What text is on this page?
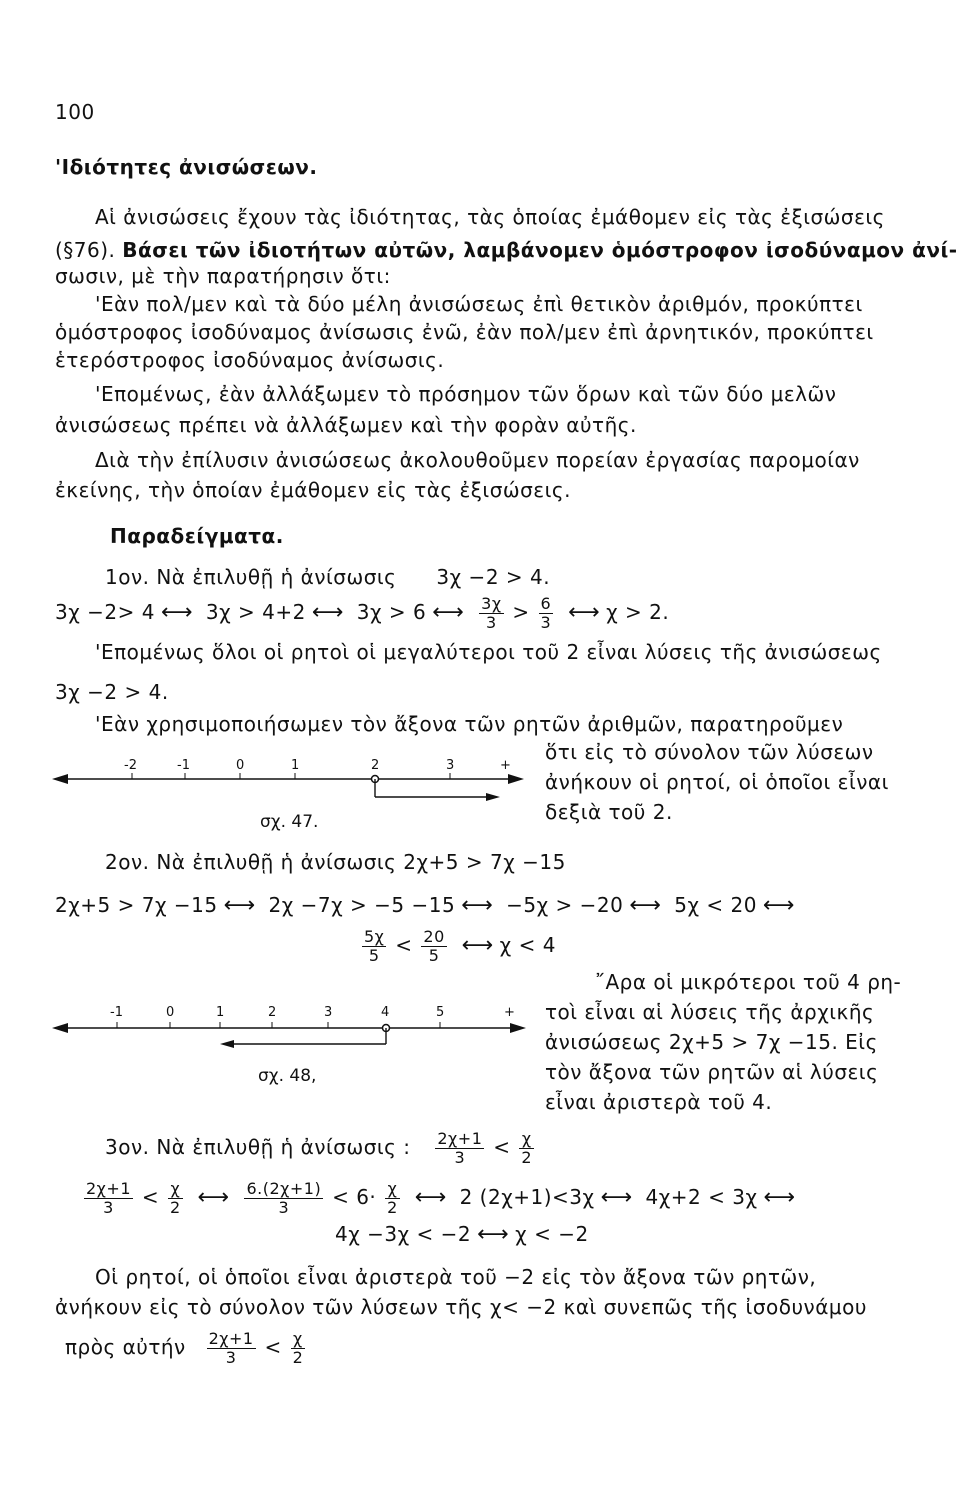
100
'Ιδιότητες ἀνισώσεων.
Αἱ ἀνισώσεις ἔχουν τὰς ἰδιότητας, τὰς ὁποίας ἐμάθομεν εἰς τὰς ἐξισώσεις
(§76). Βάσει τῶν ἰδιοτήτων αὐτῶν, λαμβάνομεν ὁμόστροφον ἰσοδύναμον ἀνί-
σωσιν, μὲ τὴν παρατήρησιν ὅτι:
'Εὰν πολ/μεν καὶ τὰ δύο μέλη ἀνισώσεως ἐπὶ θετικὸν ἀριθμόν, προκύπτει
ὁμόστροφος ἰσοδύναμος ἀνίσωσις ἐνῶ, ἐὰν πολ/μεν ἐπὶ ἀρνητικόν, προκύπτει
ἑτερόστροφος ἰσοδύναμος ἀνίσωσις.
'Επομένως, ἐὰν ἀλλάξωμεν τὸ πρόσημον τῶν ὅρων καὶ τῶν δύο μελῶν
ἀνισώσεως πρέπει νὰ ἀλλάξωμεν καὶ τὴν φορὰν αὐτῆς.
Διὰ τὴν ἐπίλυσιν ἀνισώσεως ἀκολουθοῦμεν πορείαν ἐργασίας παρομοίαν
ἐκείνης, τὴν ὁποίαν ἐμάθομεν εἰς τὰς ἐξισώσεις.
Παραδείγματα.
1ον. Νὰ ἐπιλυθῇ ἡ ἀνίσωσις 3χ −2 > 4.
3χ −2> 4 ⟷ 3χ > 4+2 ⟷ 3χ > 6 ⟷ $\frac{3\chi}{3} > \frac{6}{3}$ ⟷ χ > 2.
'Επομένως ὅλοι οἱ ρητοὶ οἱ μεγαλύτεροι τοῦ 2 εἶναι λύσεις τῆς ἀνισώσεως
3χ −2 > 4.
'Εὰν χρησιμοποιήσωμεν τὸν ἄξονα τῶν ρητῶν ἀριθμῶν, παρατηροῦμεν
ὅτι εἰς τὸ σύνολον τῶν λύσεων
ἀνήκουν οἱ ρητοί, οἱ ὁποῖοι εἶναι
δεξιὰ τοῦ 2.
-2	-1	0	1	2	3	+
σχ. 47.
2ον. Νὰ ἐπιλυθῇ ἡ ἀνίσωσις 2χ+5 > 7χ −15
2χ+5 > 7χ −15 ⟷ 2χ −7χ > −5 −15 ⟷ −5χ > −20 ⟷ 5χ < 20 ⟷
$\frac{5\chi}{5} < \frac{20}{5}$ ⟷ χ < 4
῎Αρα οἱ μικρότεροι τοῦ 4 ρη-
τοὶ εἶναι αἱ λύσεις τῆς ἀρχικῆς
ἀνισώσεως 2χ+5 > 7χ −15. Εἰς
τὸν ἄξονα τῶν ρητῶν αἱ λύσεις
εἶναι ἀριστερὰ τοῦ 4.
-1	0	1	2	3	4	5	+
σχ. 48,
3ον. Νὰ ἐπιλυθῇ ἡ ἀνίσωσις : $\frac{2\chi+1}{3} < \frac{\chi}{2}$
$\frac{2\chi+1}{3} < \frac{\chi}{2}$ ⟷ $\frac{6.(2\chi+1)}{3} < 6\cdot \frac{\chi}{2}$ ⟷ 2 (2χ+1)<3χ ⟷ 4χ+2 < 3χ ⟷
4χ −3χ < −2 ⟷ χ < −2
Οἱ ρητοί, οἱ ὁποῖοι εἶναι ἀριστερὰ τοῦ −2 εἰς τὸν ἄξονα τῶν ρητῶν,
ἀνήκουν εἰς τὸ σύνολον τῶν λύσεων τῆς χ< −2 καὶ συνεπῶς τῆς ἰσοδυνάμου
πρὸς αὐτήν $\frac{2\chi+1}{3} < \frac{\chi}{2}$
